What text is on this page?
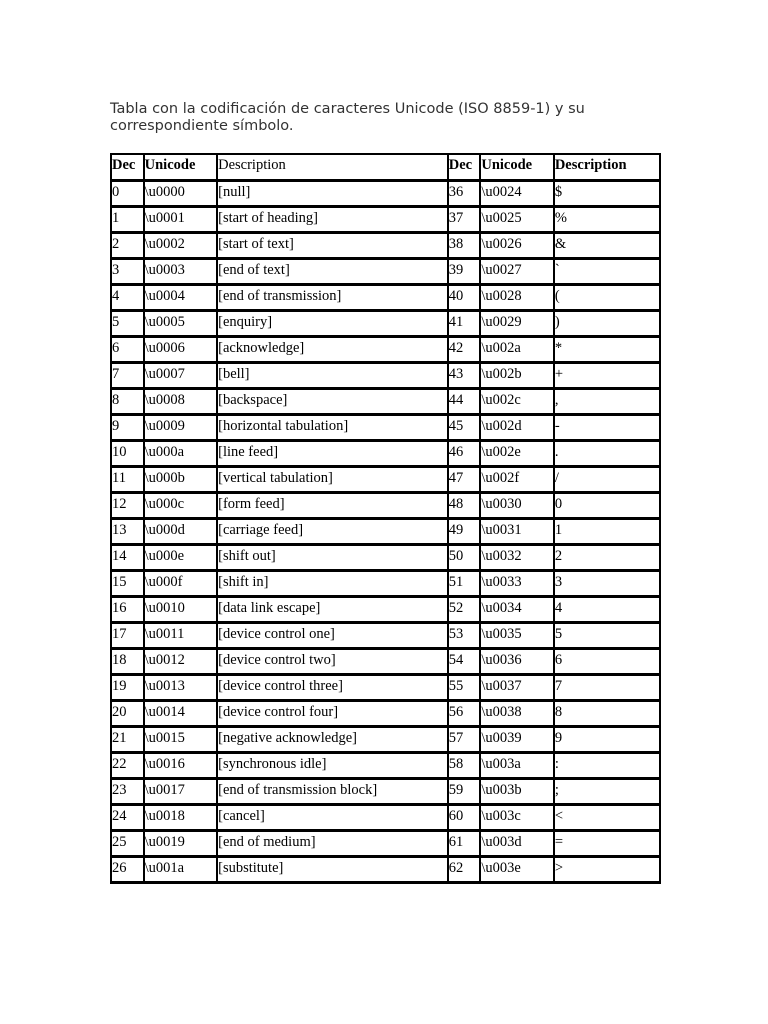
Tabla con la codificación de caracteres Unicode (ISO 8859-1) y su correspondiente símbolo.

Dec	Unicode	Description	Dec	Unicode	Description
0	\u0000	[null]	36	\u0024	$
1	\u0001	[start of heading]	37	\u0025	%
2	\u0002	[start of text]	38	\u0026	&
3	\u0003	[end of text]	39	\u0027	`
4	\u0004	[end of transmission]	40	\u0028	(
5	\u0005	[enquiry]	41	\u0029	)
6	\u0006	[acknowledge]	42	\u002a	*
7	\u0007	[bell]	43	\u002b	+
8	\u0008	[backspace]	44	\u002c	,
9	\u0009	[horizontal tabulation]	45	\u002d	-
10	\u000a	[line feed]	46	\u002e	.
11	\u000b	[vertical tabulation]	47	\u002f	/
12	\u000c	[form feed]	48	\u0030	0
13	\u000d	[carriage feed]	49	\u0031	1
14	\u000e	[shift out]	50	\u0032	2
15	\u000f	[shift in]	51	\u0033	3
16	\u0010	[data link escape]	52	\u0034	4
17	\u0011	[device control one]	53	\u0035	5
18	\u0012	[device control two]	54	\u0036	6
19	\u0013	[device control three]	55	\u0037	7
20	\u0014	[device control four]	56	\u0038	8
21	\u0015	[negative acknowledge]	57	\u0039	9
22	\u0016	[synchronous idle]	58	\u003a	:
23	\u0017	[end of transmission block]	59	\u003b	;
24	\u0018	[cancel]	60	\u003c	<
25	\u0019	[end of medium]	61	\u003d	=
26	\u001a	[substitute]	62	\u003e	>
